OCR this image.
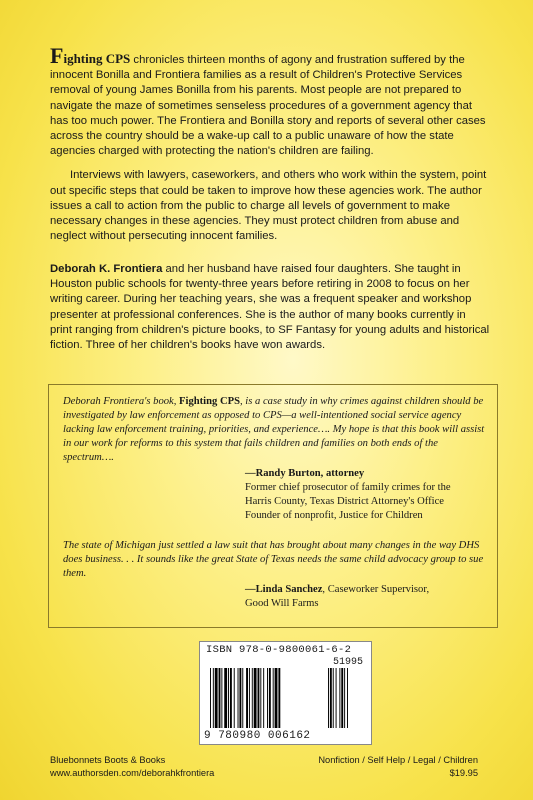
Fighting CPS chronicles thirteen months of agony and frustration suffered by the innocent Bonilla and Frontiera families as a result of Children's Protective Services removal of young James Bonilla from his parents. Most people are not prepared to navigate the maze of sometimes senseless procedures of a government agency that has too much power. The Frontiera and Bonilla story and reports of several other cases across the country should be a wake-up call to a public unaware of how the state agencies charged with protecting the nation's children are failing.

Interviews with lawyers, caseworkers, and others who work within the system, point out specific steps that could be taken to improve how these agencies work. The author issues a call to action from the public to charge all levels of government to make necessary changes in these agencies. They must protect children from abuse and neglect without persecuting innocent families.

Deborah K. Frontiera and her husband have raised four daughters. She taught in Houston public schools for twenty-three years before retiring in 2008 to focus on her writing career. During her teaching years, she was a frequent speaker and workshop presenter at professional conferences. She is the author of many books currently in print ranging from children's picture books, to SF Fantasy for young adults and historical fiction. Three of her children's books have won awards.

Deborah Frontiera's book, Fighting CPS, is a case study in why crimes against children should be investigated by law enforcement as opposed to CPS—a well-intentioned social service agency lacking law enforcement training, priorities, and experience…. My hope is that this book will assist in our work for reforms to this system that fails children and families on both ends of the spectrum….

—Randy Burton, attorney
Former chief prosecutor of family crimes for the
Harris County, Texas District Attorney's Office
Founder of nonprofit, Justice for Children

The state of Michigan just settled a law suit that has brought about many changes in the way DHS does business. . . It sounds like the great State of Texas needs the same child advocacy group to sue them.

—Linda Sanchez, Caseworker Supervisor,
Good Will Farms
ISBN 978-0-9800061-6-2
51995
9 780980 006162
Bluebonnets Boots & Books
www.authorsden.com/deborahkfrontiera
Nonfiction / Self Help / Legal / Children
$19.95
